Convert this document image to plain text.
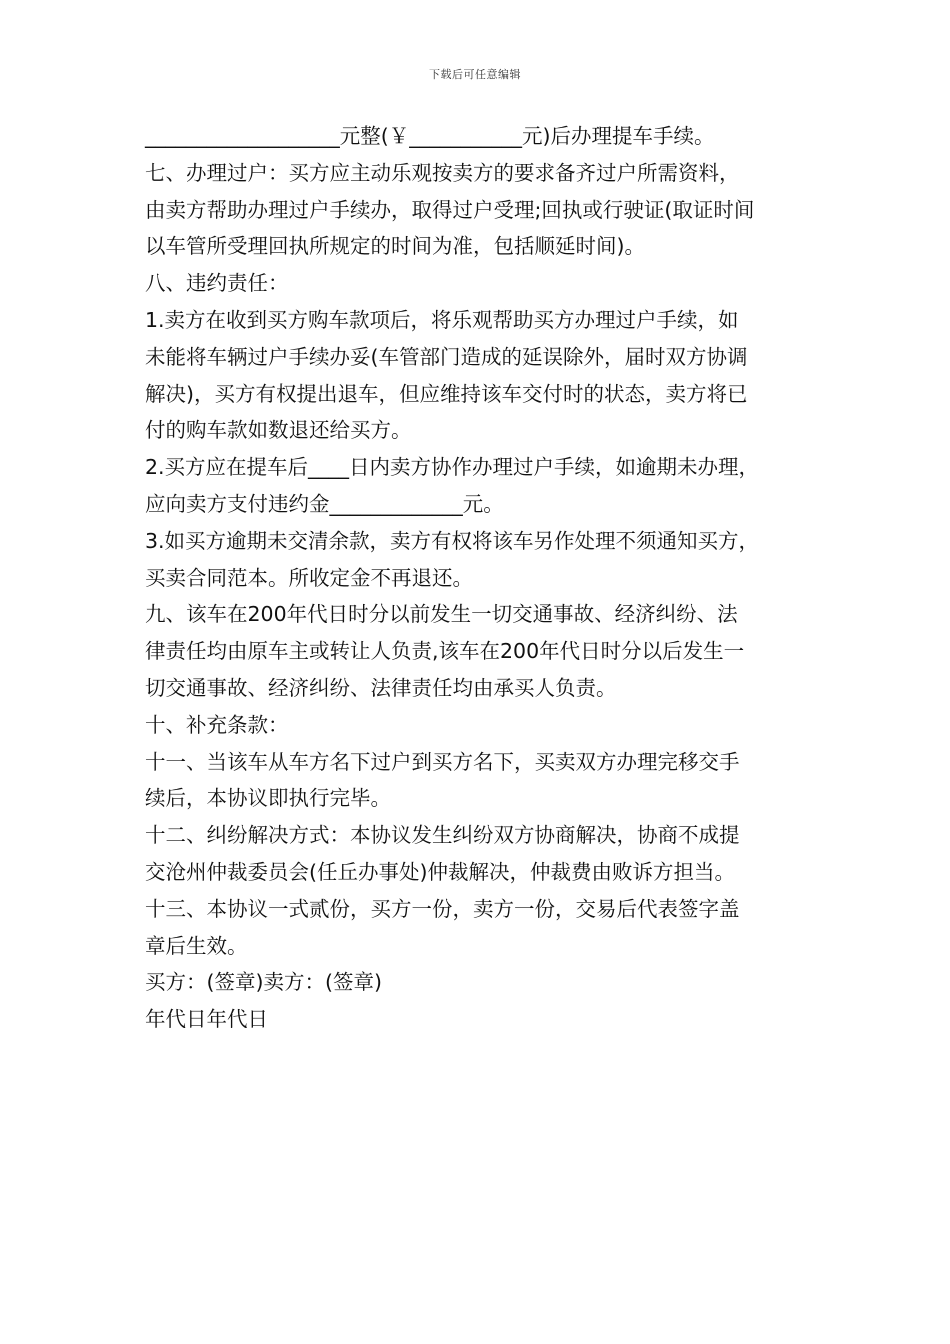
下载后可任意编辑
___________________元整(￥___________元)后办理提车手续。
七、办理过户：买方应主动乐观按卖方的要求备齐过户所需资料，
由卖方帮助办理过户手续办，取得过户受理;回执或行驶证(取证时间
以车管所受理回执所规定的时间为准，包括顺延时间)。
八、违约责任：
1.卖方在收到买方购车款项后，将乐观帮助买方办理过户手续，如
未能将车辆过户手续办妥(车管部门造成的延误除外，届时双方协调
解决)，买方有权提出退车，但应维持该车交付时的状态，卖方将已
付的购车款如数退还给买方。
2.买方应在提车后____日内卖方协作办理过户手续，如逾期未办理，
应向卖方支付违约金_____________元。
3.如买方逾期未交清余款，卖方有权将该车另作处理不须通知买方，
买卖合同范本。所收定金不再退还。
九、该车在200年代日时分以前发生一切交通事故、经济纠纷、法
律责任均由原车主或转让人负责,该车在200年代日时分以后发生一
切交通事故、经济纠纷、法律责任均由承买人负责。
十、补充条款：
十一、当该车从车方名下过户到买方名下，买卖双方办理完移交手
续后，本协议即执行完毕。
十二、纠纷解决方式：本协议发生纠纷双方协商解决，协商不成提
交沧州仲裁委员会(任丘办事处)仲裁解决，仲裁费由败诉方担当。
十三、本协议一式贰份，买方一份，卖方一份，交易后代表签字盖
章后生效。
买方：(签章)卖方：(签章)
年代日年代日
